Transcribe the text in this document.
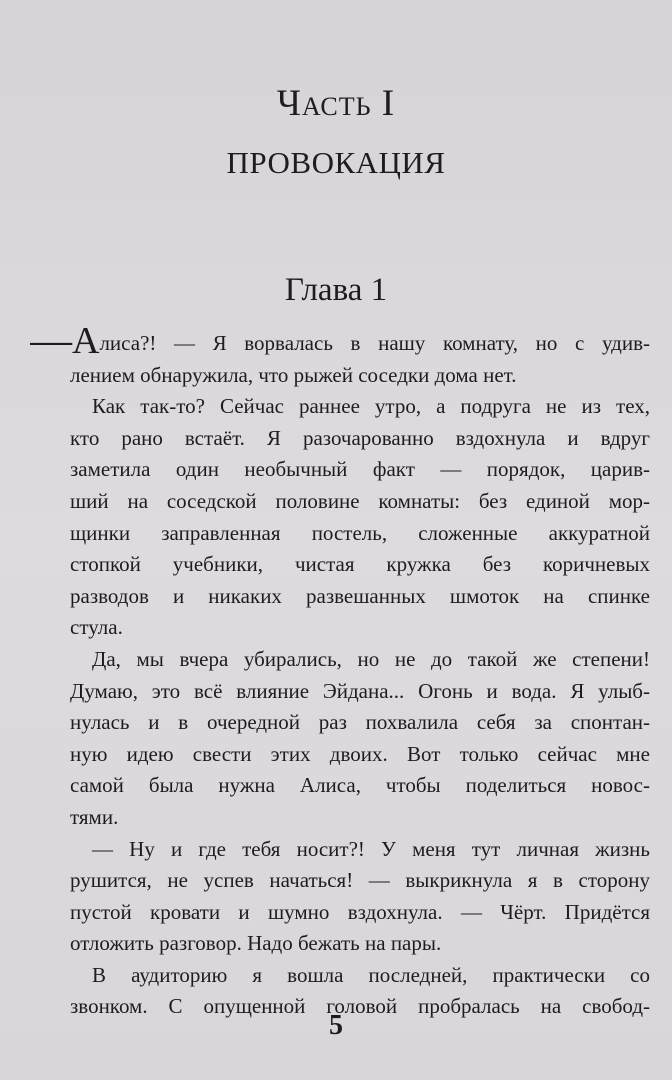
Часть I
ПРОВОКАЦИЯ
Глава 1
—Алиса?! — Я ворвалась в нашу комнату, но с удив-
лением обнаружила, что рыжей соседки дома нет.
Как так-то? Сейчас раннее утро, а подруга не из тех,
кто рано встаёт. Я разочарованно вздохнула и вдруг
заметила один необычный факт — порядок, царив-
ший на соседской половине комнаты: без единой мор-
щинки заправленная постель, сложенные аккуратной
стопкой учебники, чистая кружка без коричневых
разводов и никаких развешанных шмоток на спинке
стула.
Да, мы вчера убирались, но не до такой же степени!
Думаю, это всё влияние Эйдана... Огонь и вода. Я улыб-
нулась и в очередной раз похвалила себя за спонтан-
ную идею свести этих двоих. Вот только сейчас мне
самой была нужна Алиса, чтобы поделиться новос-
тями.
— Ну и где тебя носит?! У меня тут личная жизнь
рушится, не успев начаться! — выкрикнула я в сторону
пустой кровати и шумно вздохнула. — Чёрт. Придётся
отложить разговор. Надо бежать на пары.
В аудиторию я вошла последней, практически со
звонком. С опущенной головой пробралась на свобод-
5
